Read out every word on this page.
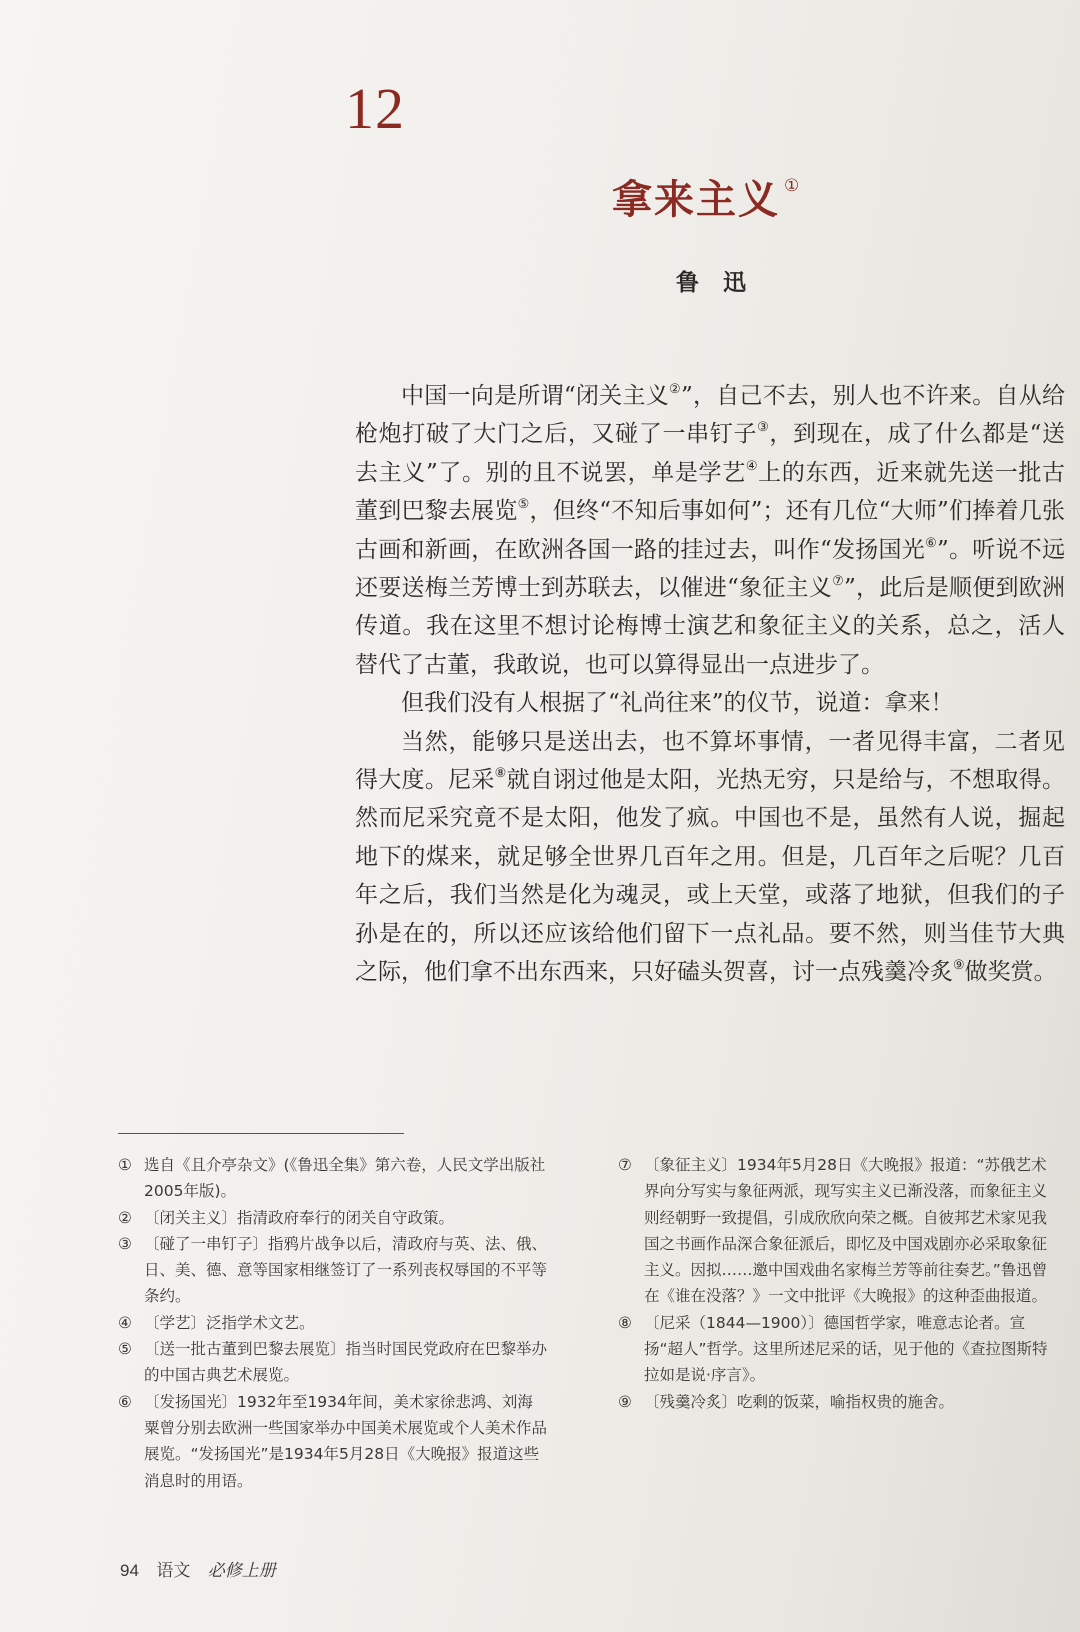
12
拿来主义 ①
鲁迅

中国一向是所谓“闭关主义②”，自己不去，别人也不许来。自从给枪炮打破了大门之后，又碰了一串钉子③，到现在，成了什么都是“送去主义”了。别的且不说罢，单是学艺④上的东西，近来就先送一批古董到巴黎去展览⑤，但终“不知后事如何”；还有几位“大师”们捧着几张古画和新画，在欧洲各国一路的挂过去，叫作“发扬国光⑥”。听说不远还要送梅兰芳博士到苏联去，以催进“象征主义⑦”，此后是顺便到欧洲传道。我在这里不想讨论梅博士演艺和象征主义的关系，总之，活人替代了古董，我敢说，也可以算得显出一点进步了。

但我们没有人根据了“礼尚往来”的仪节，说道：拿来！

当然，能够只是送出去，也不算坏事情，一者见得丰富，二者见得大度。尼采⑧就自诩过他是太阳，光热无穷，只是给与，不想取得。然而尼采究竟不是太阳，他发了疯。中国也不是，虽然有人说，掘起地下的煤来，就足够全世界几百年之用。但是，几百年之后呢？几百年之后，我们当然是化为魂灵，或上天堂，或落了地狱，但我们的子孙是在的，所以还应该给他们留下一点礼品。要不然，则当佳节大典之际，他们拿不出东西来，只好磕头贺喜，讨一点残羹冷炙⑨做奖赏。

① 选自《且介亭杂文》(《鲁迅全集》第六卷，人民文学出版社2005年版)。
② 〔闭关主义〕指清政府奉行的闭关自守政策。
③ 〔碰了一串钉子〕指鸦片战争以后，清政府与英、法、俄、日、美、德、意等国家相继签订了一系列丧权辱国的不平等条约。
④ 〔学艺〕泛指学术文艺。
⑤ 〔送一批古董到巴黎去展览〕指当时国民党政府在巴黎举办的中国古典艺术展览。
⑥ 〔发扬国光〕1932年至1934年间，美术家徐悲鸿、刘海粟曾分别去欧洲一些国家举办中国美术展览或个人美术作品展览。“发扬国光”是1934年5月28日《大晚报》报道这些消息时的用语。
⑦ 〔象征主义〕1934年5月28日《大晚报》报道：“苏俄艺术界向分写实与象征两派，现写实主义已渐没落，而象征主义则经朝野一致提倡，引成欣欣向荣之概。自彼邦艺术家见我国之书画作品深合象征派后，即忆及中国戏剧亦必采取象征主义。因拟……邀中国戏曲名家梅兰芳等前往奏艺。”鲁迅曾在《谁在没落？》一文中批评《大晚报》的这种歪曲报道。
⑧ 〔尼采（1844—1900）〕德国哲学家，唯意志论者。宣扬“超人”哲学。这里所述尼采的话，见于他的《查拉图斯特拉如是说·序言》。
⑨ 〔残羹冷炙〕吃剩的饭菜，喻指权贵的施舍。
94 语文 必修上册
